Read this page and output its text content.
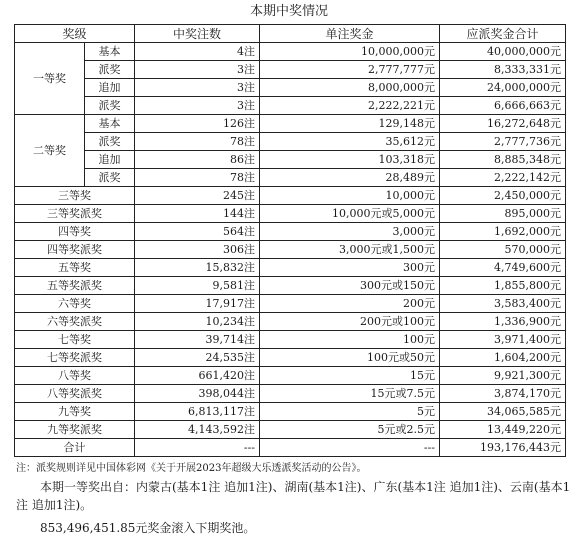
本期中奖情况
奖级		中奖注数	单注奖金	应派奖金合计
一等奖	基本	4注	10,000,000元	40,000,000元
	派奖	3注	2,777,777元	8,333,331元
	追加	3注	8,000,000元	24,000,000元
	派奖	3注	2,222,221元	6,666,663元
二等奖	基本	126注	129,148元	16,272,648元
	派奖	78注	35,612元	2,777,736元
	追加	86注	103,318元	8,885,348元
	派奖	78注	28,489元	2,222,142元
三等奖		245注	10,000元	2,450,000元
三等奖派奖		144注	10,000元或5,000元	895,000元
四等奖		564注	3,000元	1,692,000元
四等奖派奖		306注	3,000元或1,500元	570,000元
五等奖		15,832注	300元	4,749,600元
五等奖派奖		9,581注	300元或150元	1,855,800元
六等奖		17,917注	200元	3,583,400元
六等奖派奖		10,234注	200元或100元	1,336,900元
七等奖		39,714注	100元	3,971,400元
七等奖派奖		24,535注	100元或50元	1,604,200元
八等奖		661,420注	15元	9,921,300元
八等奖派奖		398,044注	15元或7.5元	3,874,170元
九等奖		6,813,117注	5元	34,065,585元
九等奖派奖		4,143,592注	5元或2.5元	13,449,220元
合计		---	---	193,176,443元
注：派奖规则详见中国体彩网《关于开展2023年超级大乐透派奖活动的公告》。
本期一等奖出自：内蒙古(基本1注 追加1注)、湖南(基本1注)、广东(基本1注 追加1注)、云南(基本1注 追加1注)。
853,496,451.85元奖金滚入下期奖池。
